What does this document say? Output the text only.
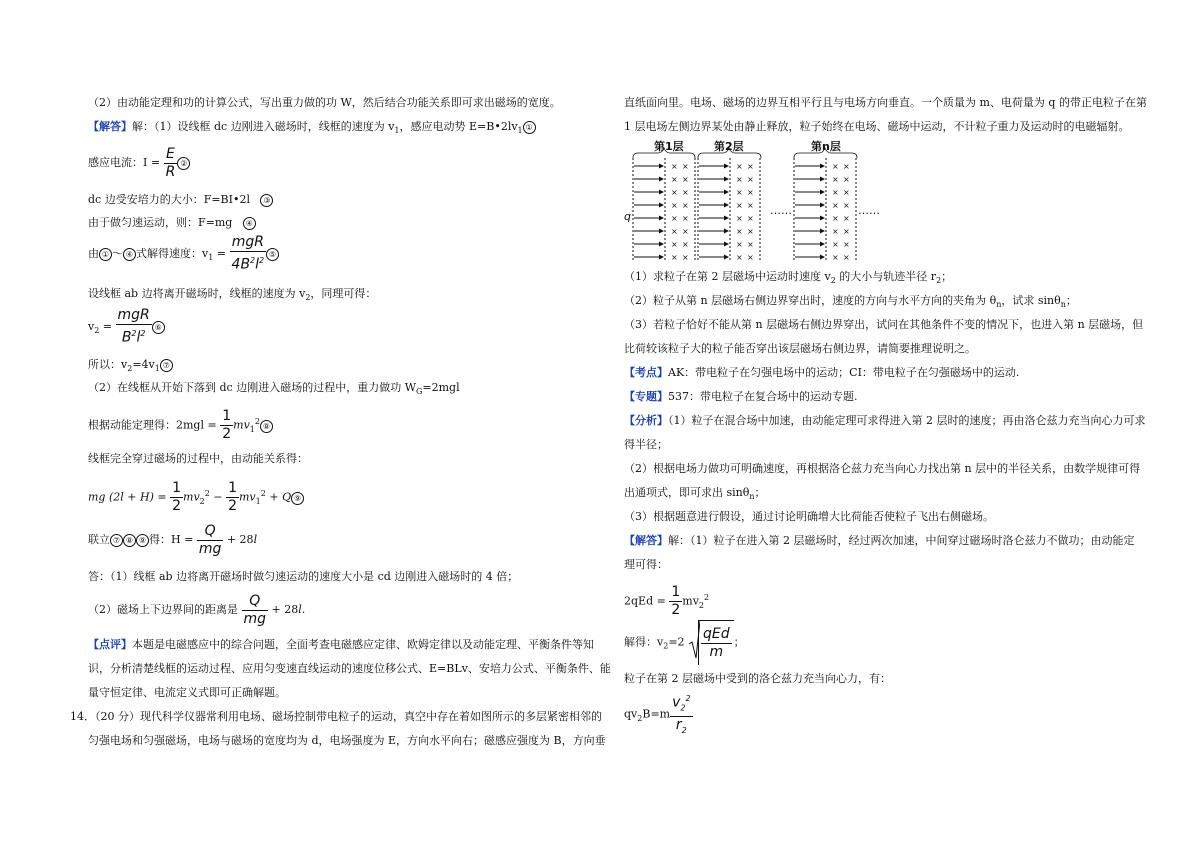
（2）由动能定理和功的计算公式，写出重力做的功 W，然后结合功能关系即可求出磁场的宽度。
【解答】解：（1）设线框 dc 边刚进入磁场时，线框的速度为 $v_1$，感应电动势 $E=B•2lv_1$ ①
感应电流：$I = \frac{E}{R}$ ②
dc 边受安培力的大小：F=BI•2l ③
由于做匀速运动，则：F=mg ④
由 ① ～ ④ 式解得速度：$v_1 = \frac{\text{mgR}}{4B^2l^2}$ ⑤
设线框 ab 边将离开磁场时，线框的速度为 $v_2$，同理可得：
$v_2 = \frac{\text{mgR}}{B^2l^2}$ ⑥
所以：$v_2=4v_1$ ⑦
（2）在线框从开始下落到 dc 边刚进入磁场的过程中，重力做功 $W_G=2mgl$
根据动能定理得：$2mgl = \frac{1}{2}$ $mv_1^2⑧$
线框完全穿过磁场的过程中，由动能关系得：
mg $(2l + H) = \frac{1}{2} mv_2^2 - \frac{1}{2} mv_1^2 + Q$ ⑨
联立 ⑦ ⑧ ⑨ 得：$H = \frac{Q}{mg} + 28l$
答：（1）线框 ab 边将离开磁场时做匀速运动的速度大小是 cd 边刚进入磁场时的 4 倍；
（2）磁场上下边界间的距离是 $\frac{Q}{mg} + 28l$.
【点评】本题是电磁感应中的综合问题，全面考查电磁感应定律、欧姆定律以及动能定理、平衡条件等知
识，分析清楚线框的运动过程、应用匀变速直线运动的速度位移公式、E=BLv、安培力公式、平衡条件、能
量守恒定律、电流定义式即可正确解题。
14．（20 分）现代科学仪器常利用电场、磁场控制带电粒子的运动，真空中存在着如图所示的多层紧密相邻的
匀强电场和匀强磁场，电场与磁场的宽度均为 d，电场强度为 E，方向水平向右；磁感应强度为 B，方向垂
直纸面向里。电场、磁场的边界互相平行且与电场方向垂直。一个质量为 m、电荷量为 q 的带正电粒子在第
1 层电场左侧边界某处由静止释放，粒子始终在电场、磁场中运动，不计粒子重力及运动时的电磁辐射。
第1层	第2层	第n层
q	……	……
× ×
× ×
× ×
× ×
× ×
× ×
× ×
× ×
× ×
× ×
× ×
× ×
× ×
× ×
× ×
× ×
× ×
× ×
× ×
× ×
× ×
× ×
× ×
× ×
（1）求粒子在第 2 层磁场中运动时速度 $v_2$ 的大小与轨迹半径 $r_2$；
（2）粒子从第 n 层磁场右侧边界穿出时，速度的方向与水平方向的夹角为 $\theta_n$，试求 sinθ$_n$；
（3）若粒子恰好不能从第 n 层磁场右侧边界穿出，试问在其他条件不变的情况下，也进入第 n 层磁场，但
比荷较该粒子大的粒子能否穿出该层磁场右侧边界，请简要推理说明之。
【考点】AK：带电粒子在匀强电场中的运动；CI：带电粒子在匀强磁场中的运动.
【专题】537：带电粒子在复合场中的运动专题.
【分析】（1）粒子在混合场中加速，由动能定理可求得进入第 2 层时的速度；再由洛仑兹力充当向心力可求
得半径；
（2）根据电场力做功可明确速度，再根据洛仑兹力充当向心力找出第 n 层中的半径关系，由数学规律可得
出通项式，即可求出 sinθ$_n$；
（3）根据题意进行假设，通过讨论明确增大比荷能否使粒子飞出右侧磁场。
【解答】解：（1）粒子在进入第 2 层磁场时，经过两次加速，中间穿过磁场时洛仑兹力不做功；由动能定
理可得：
$2qEd = \frac{1}{2} mv_2^2$
解得：$v_2=2 \frac{\text{qEd}}{m}$ ；
粒子在第 2 层磁场中受到的洛仑兹力充当向心力，有：
$qv_2B=m \frac{v_2^2}{r_2}$
